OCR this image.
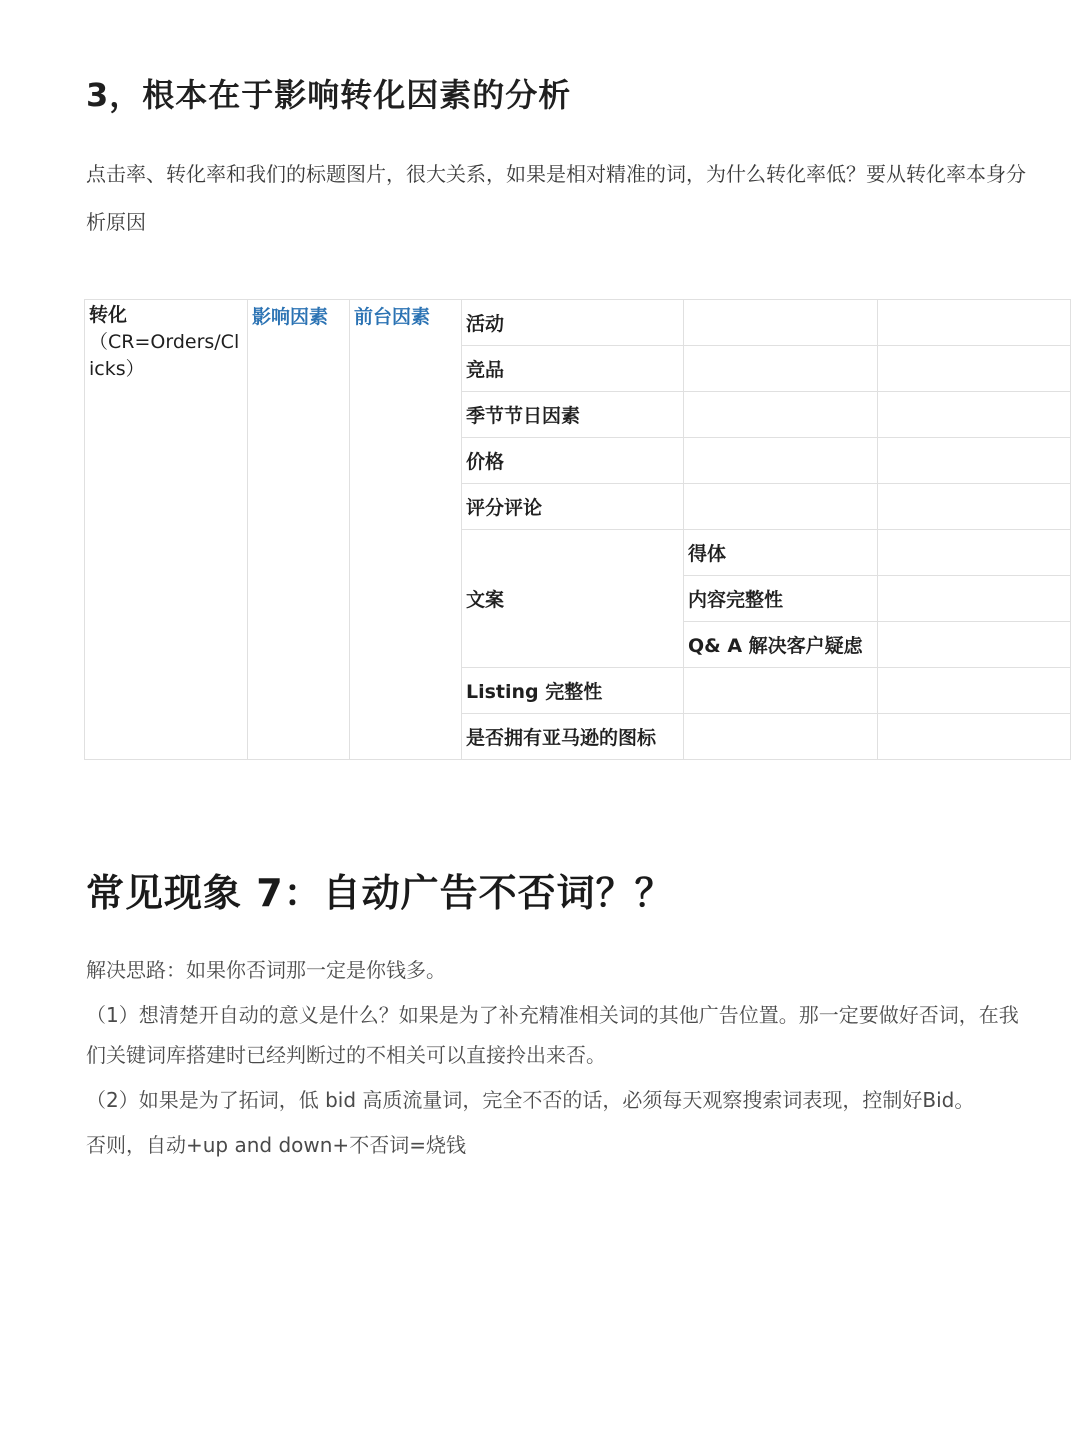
3，根本在于影响转化因素的分析
点击率、转化率和我们的标题图片，很大关系，如果是相对精准的词，为什么转化率低？要从转化率本身分析原因
转化
（CR=Orders/Clicks）	影响因素	前台因素	活动		
			竞品		
			季节节日因素		
			价格		
			评分评论		
			文案	得体	
				内容完整性	
				Q& A 解决客户疑虑	
			Listing 完整性		
			是否拥有亚马逊的图标		
常见现象 7：自动广告不否词？？

解决思路：如果你否词那一定是你钱多。

（1）想清楚开自动的意义是什么？如果是为了补充精准相关词的其他广告位置。那一定要做好否词，在我们关键词库搭建时已经判断过的不相关可以直接拎出来否。

（2）如果是为了拓词，低 bid 高质流量词，完全不否的话，必须每天观察搜索词表现，控制好Bid。

否则，自动+up and down+不否词=烧钱
